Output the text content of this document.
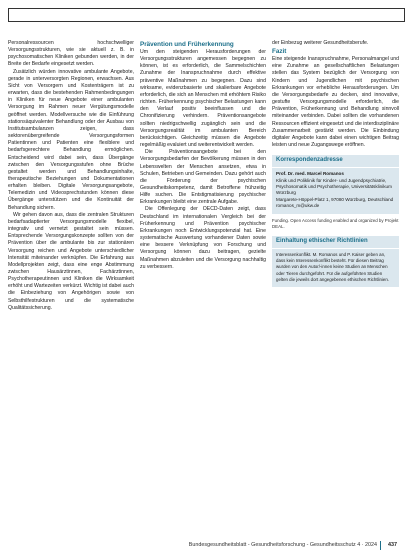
Personalressourcen hochschwelliger Versorgungsstrukturen, wie sie aktuell z. B. in psychosomatischen Kliniken gebunden werden, in der Breite der Bedarfe eingesetzt werden.

Zusätzlich würden innovative ambulante Angebote, gerade in unterversorgten Regionen, erwachsen. Aus Sicht von Versorgern und Kostenträgern ist zu erwarten, dass die bestehenden Rahmenbedingungen in Kliniken für neue Angebote einer ambulanten Versorgung im Rahmen neuer Vergütungsmodelle geöffnet werden. Modellversuche wie die Einführung stationsäquivalenter Behandlung oder der Ausbau von Institutsambulanzen zeigen, dass sektorenübergreifende Versorgungsformen Patientinnen und Patienten eine flexiblere und bedarfsgerechtere Behandlung ermöglichen. Entscheidend wird dabei sein, dass Übergänge zwischen den Versorgungsstufen ohne Brüche gestaltet werden und Behandlungsinhalte, therapeutische Beziehungen und Dokumentationen erhalten bleiben. Digitale Versorgungsangebote, Telemedizin und Videosprechstunden können diese Übergänge unterstützen und die Kontinuität der Behandlung sichern.

Wir gehen davon aus, dass die zentralen Strukturen bedarfsadaptierter Versorgungsmodelle flexibel, integrativ und vernetzt gestaltet sein müssen. Entsprechende Versorgungskonzepte sollten von der Prävention über die ambulante bis zur stationären Versorgung reichen und Angebote unterschiedlicher Intensität miteinander verknüpfen. Die Erfahrung aus Modellprojekten zeigt, dass eine enge Abstimmung zwischen Hausärztinnen, Fachärztinnen, Psychotherapeutinnen und Kliniken die Wirksamkeit erhöht und Wartezeiten verkürzt. Wichtig ist dabei auch die Einbeziehung von Angehörigen sowie von Selbsthilfestrukturen und die systematische Qualitätssicherung.

Prävention und Früherkennung

Um den steigenden Herausforderungen der Versorgungsstrukturen angemessen begegnen zu können, ist es erforderlich, die Sammelschichten Zunahme der Inanspruchnahme durch effektive präventive Maßnahmen zu begegnen. Dazu sind wirksame, evidenzbasierte und skalierbare Angebote erforderlich, die sich an Menschen mit erhöhtem Risiko richten. Früherkennung psychischer Belastungen kann den Verlauf positiv beeinflussen und die Chronifizierung verhindern. Präventionsangebote sollten niedrigschwellig zugänglich sein und die Versorgungsrealität im ambulanten Bereich berücksichtigen. Gleichzeitig müssen die Angebote regelmäßig evaluiert und weiterentwickelt werden.

Die Präventionsangebote bei den Versorgungsbedarfen der Bevölkerung müssen in den Lebenswelten der Menschen ansetzen, etwa in Schulen, Betrieben und Gemeinden. Dazu gehört auch die Förderung der psychischen Gesundheitskompetenz, damit Betroffene frühzeitig Hilfe suchen. Die Entstigmatisierung psychischer Erkrankungen bleibt eine zentrale Aufgabe.

Die Offenlegung der OECD-Daten zeigt, dass Deutschland im internationalen Vergleich bei der Früherkennung und Prävention psychischer Erkrankungen noch Entwicklungspotenzial hat. Eine systematische Auswertung vorhandener Daten sowie eine bessere Verknüpfung von Forschung und Versorgung können dazu beitragen, gezielte Maßnahmen abzuleiten und die Versorgung nachhaltig zu verbessern.

der Einbezug weiterer Gesundheitsberufe.

Fazit

Eine steigende Inanspruchnahme, Personalmangel und eine Zunahme an gesellschaftlichen Belastungen stellen das System bezüglich der Versorgung von Kindern und Jugendlichen mit psychischen Erkrankungen vor erhebliche Herausforderungen. Um die Versorgungsbedarfe zu decken, sind innovative, gestufte Versorgungsmodelle erforderlich, die Prävention, Früherkennung und Behandlung sinnvoll miteinander verbinden. Dabei sollten die vorhandenen Ressourcen effizient eingesetzt und die interdisziplinäre Zusammenarbeit gestärkt werden. Die Einbindung digitaler Angebote kann dabei einen wichtigen Beitrag leisten und neue Zugangswege eröffnen.

Korrespondenzadresse
Prof. Dr. med. Marcel Romanos
Klinik und Poliklinik für Kinder- und Jugendpsychiatrie, Psychosomatik und Psychotherapie, Universitätsklinikum Würzburg
Margarete-Höppel-Platz 1, 97080 Würzburg, Deutschland
romanos_m@ukw.de
Funding. Open Access funding enabled and organized by Projekt DEAL.
Einhaltung ethischer Richtlinien
Interessenkonflikt. M. Romanos und P. Kaiser geben an, dass kein Interessenkonflikt besteht. Für diesen Beitrag wurden von den Autor/-innen keine Studien an Menschen oder Tieren durchgeführt. Für die aufgeführten Studien gelten die jeweils dort angegebenen ethischen Richtlinien.
Bundesgesundheitsblatt - Gesundheitsforschung - Gesundheitsschutz 4 · 2024 437
